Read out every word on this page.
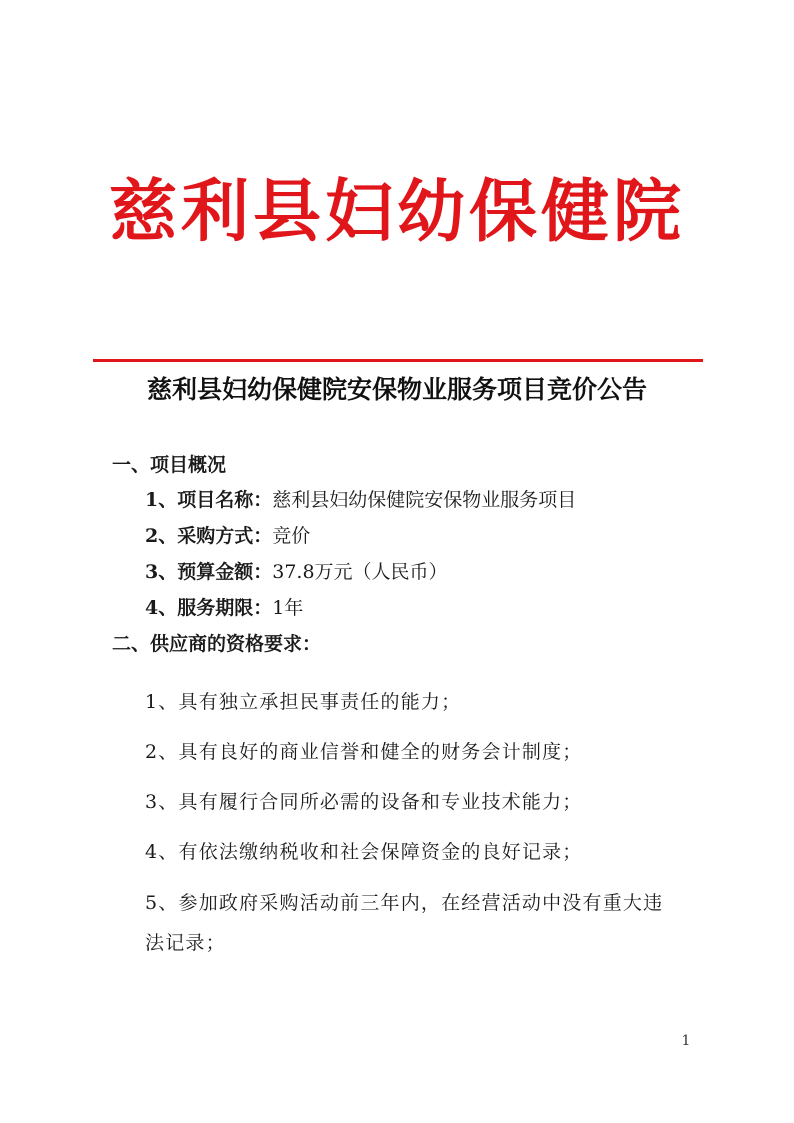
慈利县妇幼保健院
慈利县妇幼保健院安保物业服务项目竞价公告
一、项目概况
1、项目名称：慈利县妇幼保健院安保物业服务项目
2、采购方式：竞价
3、预算金额：37.8万元（人民币）
4、服务期限：1年
二、供应商的资格要求：
1、具有独立承担民事责任的能力；
2、具有良好的商业信誉和健全的财务会计制度；
3、具有履行合同所必需的设备和专业技术能力；
4、有依法缴纳税收和社会保障资金的良好记录；
5、参加政府采购活动前三年内，在经营活动中没有重大违
法记录；
1
